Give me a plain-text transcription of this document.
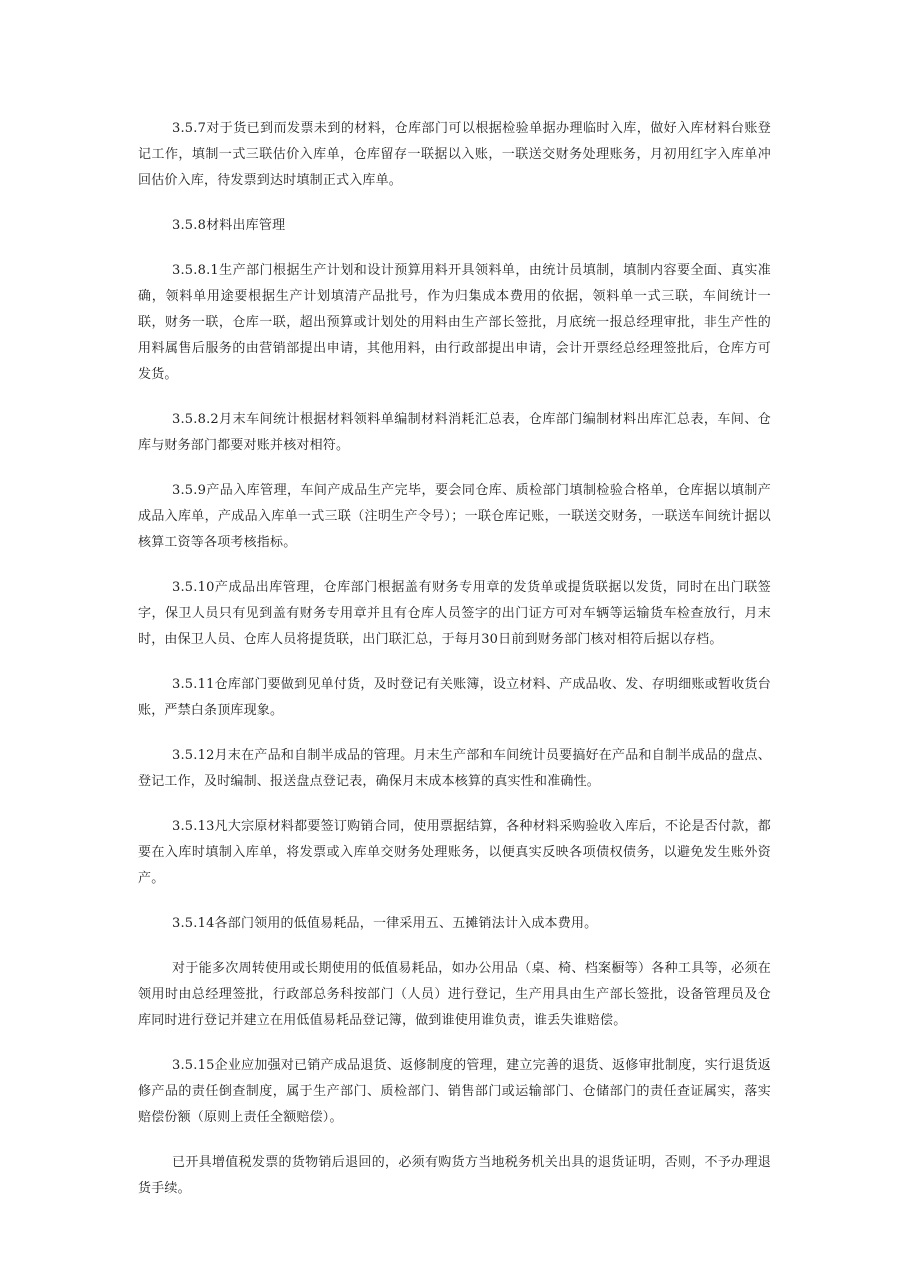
3.5.7对于货已到而发票未到的材料，仓库部门可以根据检验单据办理临时入库，做好入库材料台账登记工作，填制一式三联估价入库单，仓库留存一联据以入账，一联送交财务处理账务，月初用红字入库单冲回估价入库，待发票到达时填制正式入库单。

3.5.8材料出库管理

3.5.8.1生产部门根据生产计划和设计预算用料开具领料单，由统计员填制，填制内容要全面、真实准确，领料单用途要根据生产计划填清产品批号，作为归集成本费用的依据，领料单一式三联，车间统计一联，财务一联，仓库一联，超出预算或计划处的用料由生产部长签批，月底统一报总经理审批，非生产性的用料属售后服务的由营销部提出申请，其他用料，由行政部提出申请，会计开票经总经理签批后，仓库方可发货。

3.5.8.2月末车间统计根据材料领料单编制材料消耗汇总表，仓库部门编制材料出库汇总表，车间、仓库与财务部门都要对账并核对相符。

3.5.9产品入库管理，车间产成品生产完毕，要会同仓库、质检部门填制检验合格单，仓库据以填制产成品入库单，产成品入库单一式三联（注明生产令号）；一联仓库记账，一联送交财务，一联送车间统计据以核算工资等各项考核指标。

3.5.10产成品出库管理，仓库部门根据盖有财务专用章的发货单或提货联据以发货，同时在出门联签字，保卫人员只有见到盖有财务专用章并且有仓库人员签字的出门证方可对车辆等运输货车检查放行，月末时，由保卫人员、仓库人员将提货联，出门联汇总，于每月30日前到财务部门核对相符后据以存档。

3.5.11仓库部门要做到见单付货，及时登记有关账簿，设立材料、产成品收、发、存明细账或暂收货台账，严禁白条顶库现象。

3.5.12月末在产品和自制半成品的管理。月末生产部和车间统计员要搞好在产品和自制半成品的盘点、登记工作，及时编制、报送盘点登记表，确保月末成本核算的真实性和准确性。

3.5.13凡大宗原材料都要签订购销合同，使用票据结算，各种材料采购验收入库后，不论是否付款，都要在入库时填制入库单，将发票或入库单交财务处理账务，以便真实反映各项债权债务，以避免发生账外资产。

3.5.14各部门领用的低值易耗品，一律采用五、五摊销法计入成本费用。

对于能多次周转使用或长期使用的低值易耗品，如办公用品（桌、椅、档案橱等）各种工具等，必须在领用时由总经理签批，行政部总务科按部门（人员）进行登记，生产用具由生产部长签批，设备管理员及仓库同时进行登记并建立在用低值易耗品登记簿，做到谁使用谁负责，谁丢失谁赔偿。

3.5.15企业应加强对已销产成品退货、返修制度的管理，建立完善的退货、返修审批制度，实行退货返修产品的责任倒查制度，属于生产部门、质检部门、销售部门或运输部门、仓储部门的责任查证属实，落实赔偿份额（原则上责任全额赔偿）。

已开具增值税发票的货物销后退回的，必须有购货方当地税务机关出具的退货证明，否则，不予办理退货手续。
